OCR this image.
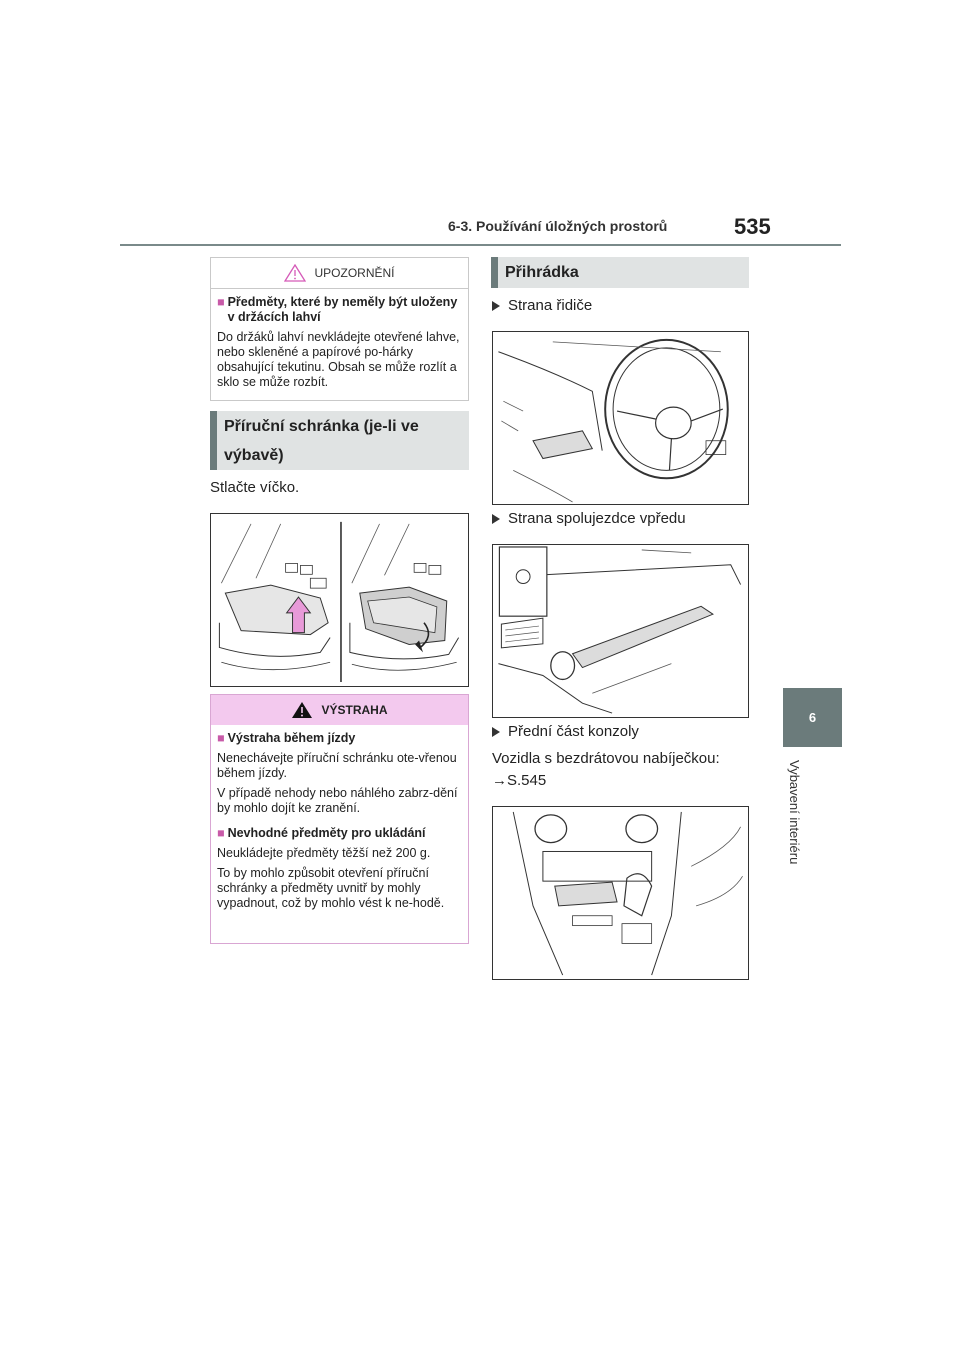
6-3. Používání úložných prostorů	535
6
Vybavení interiéru
UPOZORNĚNÍ
■ Předměty, které by neměly být uloženy v držácích lahví

Do držáků lahví nevkládejte otevřené lahve, nebo skleněné a papírové po-hárky obsahující tekutinu. Obsah se může rozlít a sklo se může rozbít.

Příruční schránka (je-li ve výbavě)
Stlačte víčko.
VÝSTRAHA
■ Výstraha během jízdy

Nenechávejte příruční schránku ote-vřenou během jízdy.

V případě nehody nebo náhlého zabrz-dění by mohlo dojít ke zranění.

■ Nevhodné předměty pro ukládání

Neukládejte předměty těžší než 200 g.

To by mohlo způsobit otevření příruční schránky a předměty uvnitř by mohly vypadnout, což by mohlo vést k ne-hodě.

Přihrádka
Strana řidiče
Strana spolujezdce vpředu
Přední část konzoly
Vozidla s bezdrátovou nabíječkou:
→S.545
